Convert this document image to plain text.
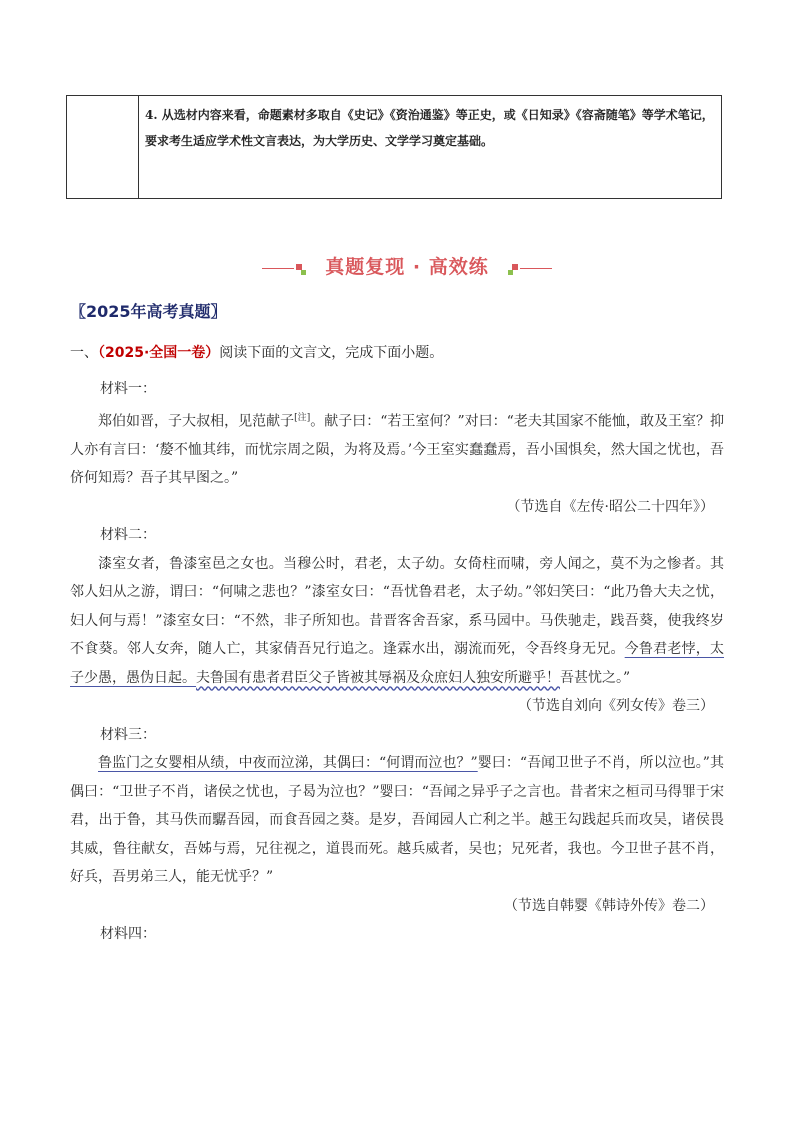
4. 从选材内容来看，命题素材多取自《史记》《资治通鉴》等正史，或《日知录》《容斋随笔》等学术笔记，要求考生适应学术性文言表达，为大学历史、文学学习奠定基础。
真题复现 · 高效练
〖2025年高考真题〗
一、（2025·全国一卷）阅读下面的文言文，完成下面小题。

材料一：

郑伯如晋，子大叔相，见范献子[注]。献子曰：“若王室何？”对曰：“老夫其国家不能恤，敢及王室？抑人亦有言曰：‘嫠不恤其纬，而忧宗周之陨，为将及焉。’今王室实蠢蠢焉，吾小国惧矣，然大国之忧也，吾侪何知焉？吾子其早图之。”

（节选自《左传·昭公二十四年》）

材料二：

漆室女者，鲁漆室邑之女也。当穆公时，君老，太子幼。女倚柱而啸，旁人闻之，莫不为之惨者。其邻人妇从之游，谓曰：“何啸之悲也？”漆室女曰：“吾忧鲁君老，太子幼。”邻妇笑曰：“此乃鲁大夫之忧，妇人何与焉！”漆室女曰：“不然，非子所知也。昔晋客舍吾家，系马园中。马佚驰走，践吾葵，使我终岁不食葵。邻人女奔，随人亡，其家倩吾兄行追之。逢霖水出，溺流而死，令吾终身无兄。今鲁君老悖，太子少愚，愚伪日起。夫鲁国有患者君臣父子皆被其辱祸及众庶妇人独安所避乎！吾甚忧之。”

（节选自刘向《列女传》卷三）

材料三：

鲁监门之女婴相从绩，中夜而泣涕，其偶曰：“何谓而泣也？”婴曰：“吾闻卫世子不肖，所以泣也。”其偶曰：“卫世子不肖，诸侯之忧也，子曷为泣也？”婴曰：“吾闻之异乎子之言也。昔者宋之桓司马得罪于宋君，出于鲁，其马佚而驏吾园，而食吾园之葵。是岁，吾闻园人亡利之半。越王勾践起兵而攻吴，诸侯畏其威，鲁往献女，吾姊与焉，兄往视之，道畏而死。越兵威者，吴也；兄死者，我也。今卫世子甚不肖，好兵，吾男弟三人，能无忧乎？”

（节选自韩婴《韩诗外传》卷二）

材料四：
